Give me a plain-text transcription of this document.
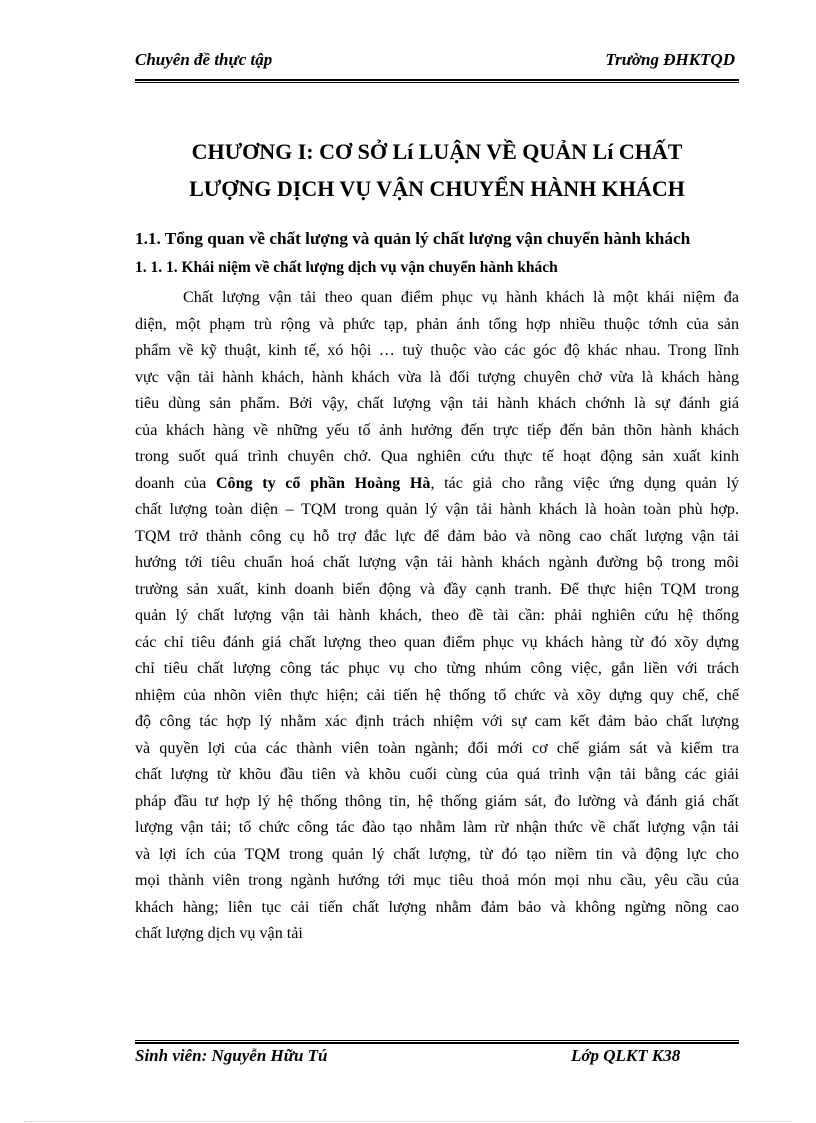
Chuyên đề thực tập	Trường ĐHKTQD
CHƯƠNG I: CƠ SỞ Lí LUẬN VỀ QUẢN Lí CHẤT
LƯỢNG DỊCH VỤ VẬN CHUYỂN HÀNH KHÁCH
1.1. Tổng quan về chất lượng và quản lý chất lượng vận chuyển hành khách
1. 1. 1. Khái niệm về chất lượng dịch vụ vận chuyển hành khách
Chất lượng vận tải theo quan điểm phục vụ hành khách là một khái niệm đa
diện, một phạm trù rộng và phức tạp, phản ánh tổng hợp nhiều thuộc tớnh của sản
phẩm về kỹ thuật, kinh tế, xó hội … tuỳ thuộc vào các góc độ khác nhau. Trong lĩnh
vực vận tải hành khách, hành khách vừa là đối tượng chuyên chở vừa là khách hàng
tiêu dùng sản phẩm. Bởi vậy, chất lượng vận tải hành khách chớnh là sự đánh giá
của khách hàng về những yếu tố ảnh hưởng đến trực tiếp đến bản thõn hành khách
trong suốt quá trình chuyên chở. Qua nghiên cứu thực tế hoạt động sản xuất kinh
doanh của Công ty cổ phần Hoàng Hà, tác giả cho rằng việc ứng dụng quản lý
chất lượng toàn diện – TQM trong quản lý vận tải hành khách là hoàn toàn phù hợp.
TQM trở thành công cụ hỗ trợ đắc lực để đảm bảo và nõng cao chất lượng vận tải
hướng tới tiêu chuẩn hoá chất lượng vận tải hành khách ngành đường bộ trong môi
trường sản xuất, kinh doanh biến động và đầy cạnh tranh. Để thực hiện TQM trong
quản lý chất lượng vận tải hành khách, theo đề tài cần: phải nghiên cứu hệ thống
các chỉ tiêu đánh giá chất lượng theo quan điểm phục vụ khách hàng từ đó xõy dựng
chỉ tiêu chất lượng công tác phục vụ cho từng nhúm công việc, gắn liền với trách
nhiệm của nhõn viên thực hiện; cải tiến hệ thống tổ chức và xõy dựng quy chế, chế
độ công tác hợp lý nhằm xác định trách nhiệm với sự cam kết đảm bảo chất lượng
và quyền lợi của các thành viên toàn ngành; đổi mới cơ chế giám sát và kiểm tra
chất lượng từ khõu đầu tiên và khõu cuối cùng của quá trình vận tải bằng các giải
pháp đầu tư hợp lý hệ thống thông tin, hệ thống giám sát, đo lường và đánh giá chất
lượng vận tải; tổ chức công tác đào tạo nhằm làm rừ nhận thức về chất lượng vận tải
và lợi ích của TQM trong quản lý chất lượng, từ đó tạo niềm tin và động lực cho
mọi thành viên trong ngành hướng tới mục tiêu thoả món mọi nhu cầu, yêu cầu của
khách hàng; liên tục cải tiến chất lượng nhằm đảm bảo và không ngừng nõng cao
chất lượng dịch vụ vận tải
Sinh viên: Nguyễn Hữu Tú	Lớp QLKT K38
